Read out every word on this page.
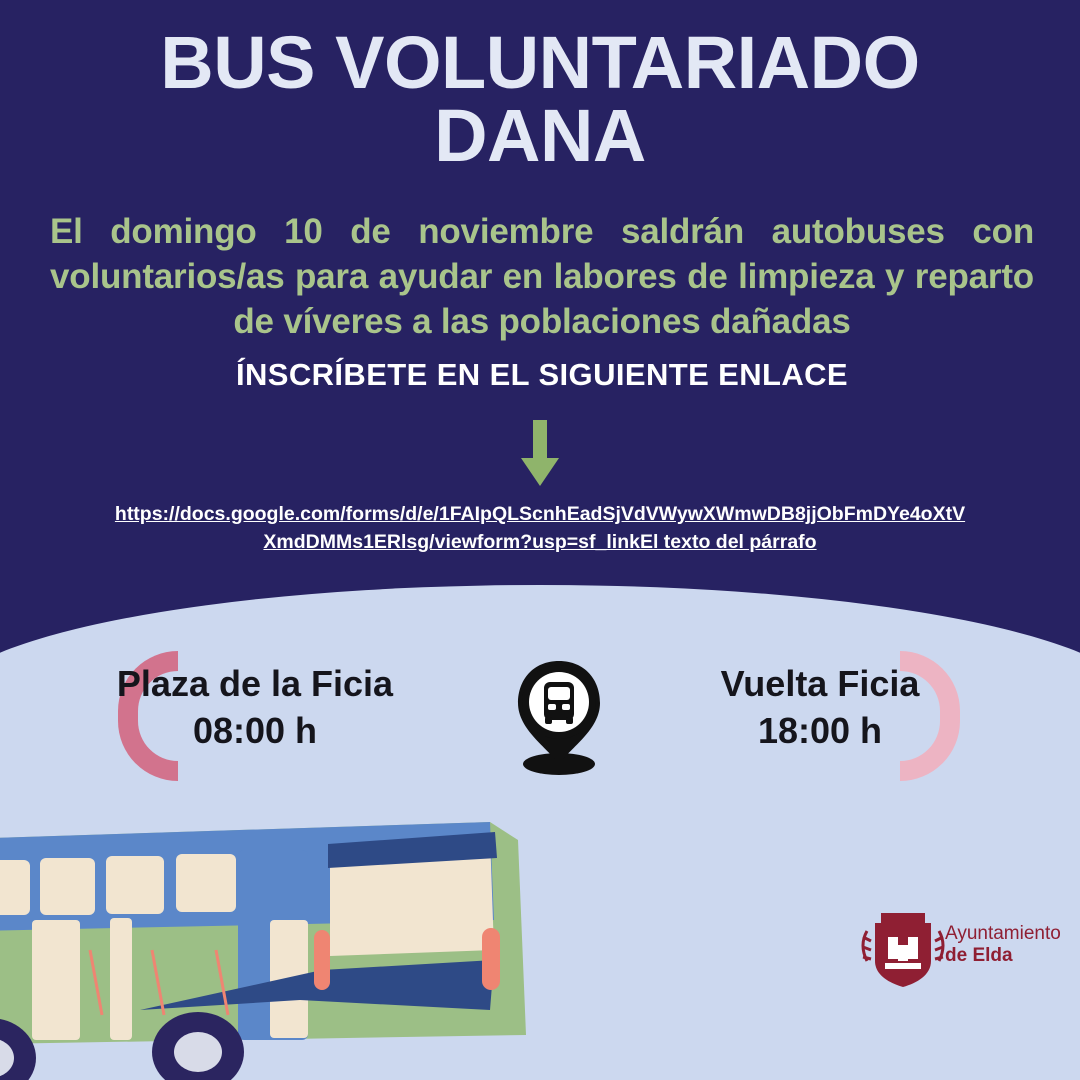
BUS VOLUNTARIADO DANA
El domingo 10 de noviembre saldrán autobuses con voluntarios/as para ayudar en labores de limpieza y reparto de víveres a las poblaciones dañadas
ÍNSCRÍBETE EN EL SIGUIENTE ENLACE
https://docs.google.com/forms/d/e/1FAIpQLScnhEadSjVdVWywXWmwDB8jjObFmDYe4oXtVXmdDMMs1ERlsg/viewform?usp=sf_linkEl texto del párrafo
Plaza de la Ficia
08:00 h
Vuelta Ficia
18:00 h
Ayuntamiento
de Elda
